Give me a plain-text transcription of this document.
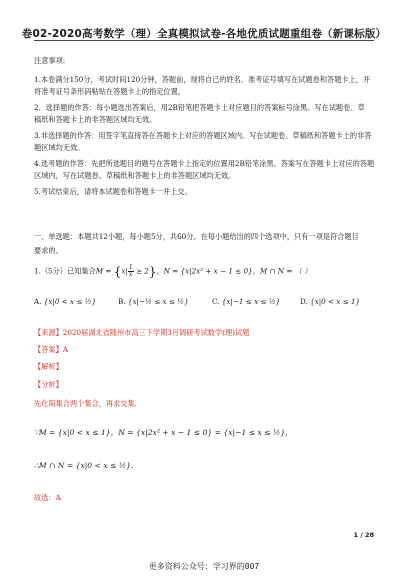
卷02-2020高考数学（理）全真模拟试卷-各地优质试题重组卷（新课标版）
注意事项:
1.本卷满分150分，考试时间120分钟，答题前，现将自己的姓名、准考证号填写在试题卷和答题卡上，并
将准考证号条形码粘贴在答题卡上的指定位置。
2．选择题的作答：每小题选出答案后，用2B铅笔把答题卡上对应题目的答案标号涂黑。写在试题卷、草
稿纸和答题卡上的非答题区域均无效。
3.非选择题的作答：用签字笔直接答在答题卡上对应的答题区域内。写在试题卷、草稿纸和答题卡上的非答
题区域均无效。
4.选考题的作答：先把所选题目的题号在答题卡上指定的位置用2B铅笔涂黑。答案写在答题卡上对应的答题
区域内，写在试题卷、草稿纸和答题卡上的非答题区域均无效。
5.考试结束后，请将本试题卷和答题卡一并上交。
一、单选题：本题共12小题，每小题5分，共60分。在每小题给出的四个选项中，只有一项是符合题目
要求的。
1.（5分）已知集合$M = \{x| \frac{1}{x} \ge 2\}$，N = {x|2x² + x − 1 ≤ 0}，M ∩ N = （ ）
A. {x|0 < x ≤ ½}	B. {x|−½ ≤ x ≤ ½}	C. {x|−1 ≤ x ≤ ½}	D. {x|0 < x ≤ 1}
【来源】2020届湖北省随州市高三下学期3月调研考试数学(理)试题
【答案】A
【解析】
【分析】
先化简集合两个集合，再求交集.
∵M = {x|0 < x ≤ 1}，N = {x|2x² + x − 1 ≤ 0} = {x|−1 ≤ x ≤ ½}，
∴M ∩ N = {x|0 < x ≤ ½}.
故选：A
1 / 28
更多资料公众号：学习界的007
